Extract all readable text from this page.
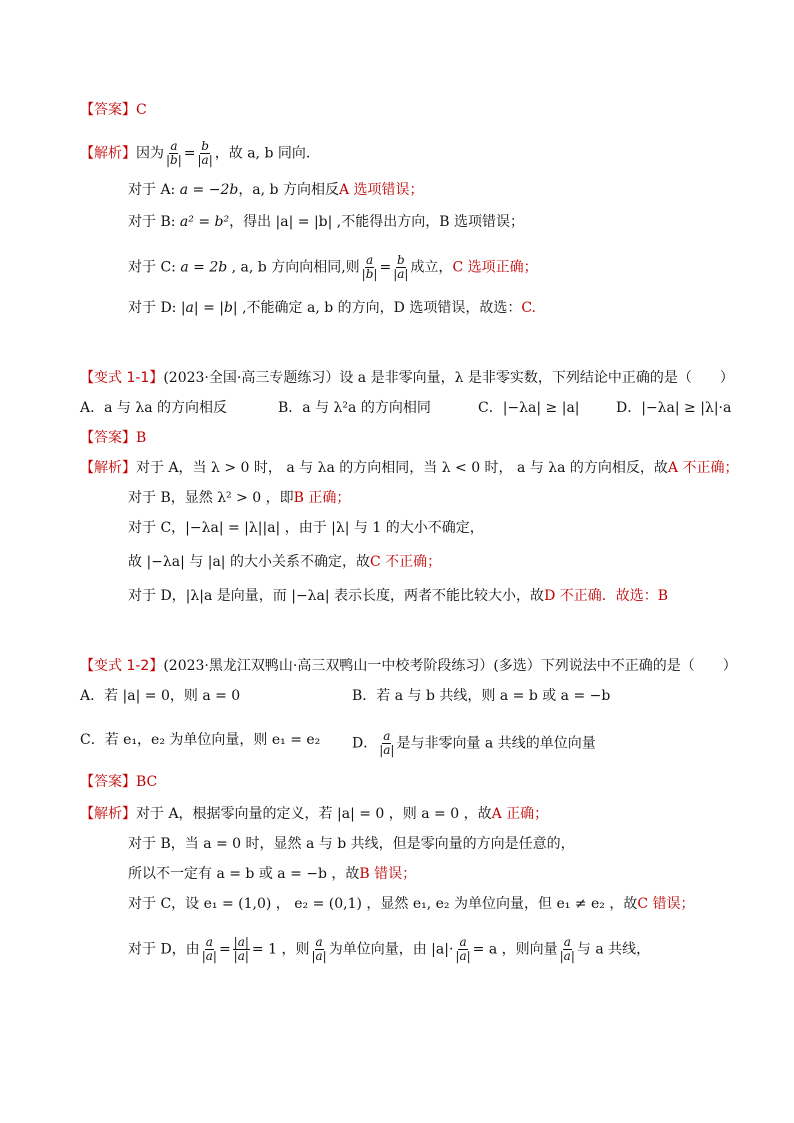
【答案】C
【解析】因为 $\frac{a}{|b|} = \frac{b}{|a|}$ ，故 a, b 同向.
对于 A: a = −2b，a, b 方向相反A 选项错误；
对于 B: a² = b²，得出 |a| = |b| ,不能得出方向，B 选项错误；
对于 C: a = 2b , a, b 方向向相同,则 $\frac{a}{|b|} = \frac{b}{|a|}$ 成立，C 选项正确；
对于 D: |a| = |b| ,不能确定 a, b 的方向，D 选项错误，故选：C.
【变式 1-1】(2023·全国·高三专题练习）设 a 是非零向量，λ 是非零实数，下列结论中正确的是（　　）
A．a 与 λa 的方向相反	B．a 与 λ²a 的方向相同	C．|−λa| ≥ |a|	D．|−λa| ≥ |λ|·a
【答案】B
【解析】对于 A，当 λ > 0 时， a 与 λa 的方向相同，当 λ < 0 时， a 与 λa 的方向相反，故A 不正确；
对于 B，显然 λ² > 0 ，即B 正确；
对于 C，|−λa| = |λ||a| ，由于 |λ| 与 1 的大小不确定，
故 |−λa| 与 |a| 的大小关系不确定，故C 不正确；
对于 D，|λ|a 是向量，而 |−λa| 表示长度，两者不能比较大小，故D 不正确．故选：B
【变式 1-2】(2023·黑龙江双鸭山·高三双鸭山一中校考阶段练习）(多选）下列说法中不正确的是（　　）
A．若 |a| = 0，则 a = 0	B．若 a 与 b 共线，则 a = b 或 a = −b
C．若 e₁，e₂ 为单位向量，则 e₁ = e₂ D． $\frac{a}{|a|}$ 是与非零向量 a 共线的单位向量
【答案】BC
【解析】对于 A，根据零向量的定义，若 |a| = 0 ，则 a = 0 ，故A 正确；
对于 B，当 a = 0 时，显然 a 与 b 共线，但是零向量的方向是任意的，
所以不一定有 a = b 或 a = −b ，故B 错误；
对于 C，设 e₁ = (1,0) ， e₂ = (0,1) ，显然 e₁, e₂ 为单位向量，但 e₁ ≠ e₂ ，故C 错误；
对于 D，由 $\frac{a}{|a|} = \frac{|a|}{|a|} = 1$ ，则 $\frac{a}{|a|}$ 为单位向量，由 $|a|\cdot \frac{a}{|a|} = a$ ，则向量 $\frac{a}{|a|}$ 与 a 共线，
